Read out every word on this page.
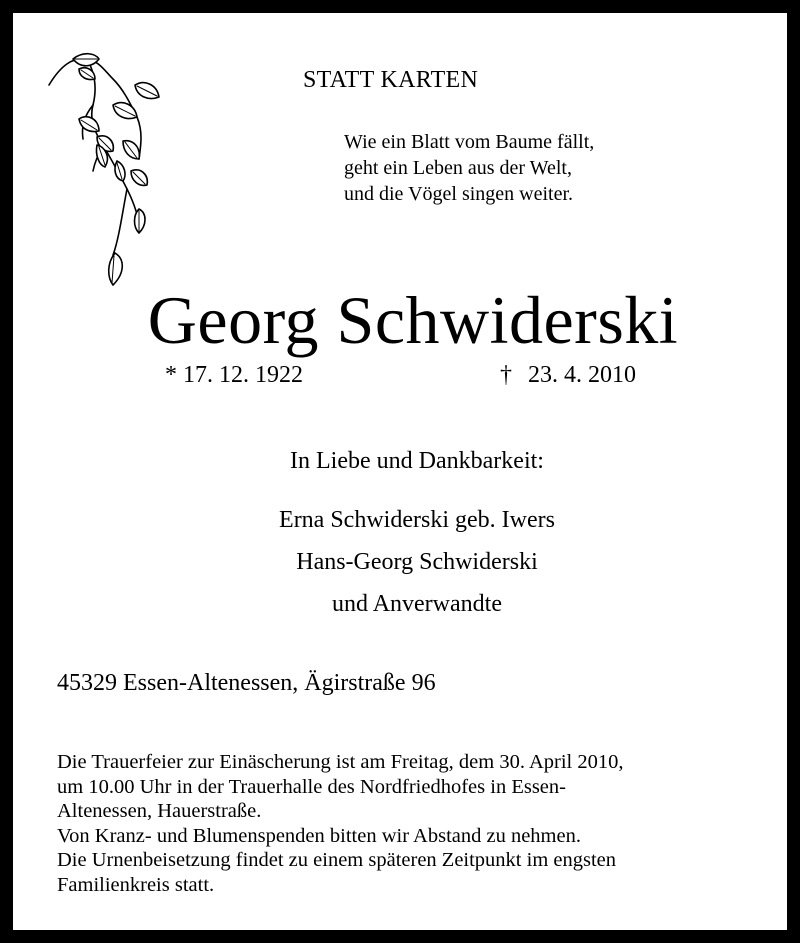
STATT KARTEN
Wie ein Blatt vom Baume fällt,
geht ein Leben aus der Welt,
und die Vögel singen weiter.
Georg Schwiderski
* 17. 12. 1922	† 23. 4. 2010
In Liebe und Dankbarkeit:
Erna Schwiderski geb. Iwers
Hans-Georg Schwiderski
und Anverwandte
45329 Essen-Altenessen, Ägirstraße 96
Die Trauerfeier zur Einäscherung ist am Freitag, dem 30. April 2010,
um 10.00 Uhr in der Trauerhalle des Nordfriedhofes in Essen-
Altenessen, Hauerstraße.
Von Kranz- und Blumenspenden bitten wir Abstand zu nehmen.
Die Urnenbeisetzung findet zu einem späteren Zeitpunkt im engsten
Familienkreis statt.
